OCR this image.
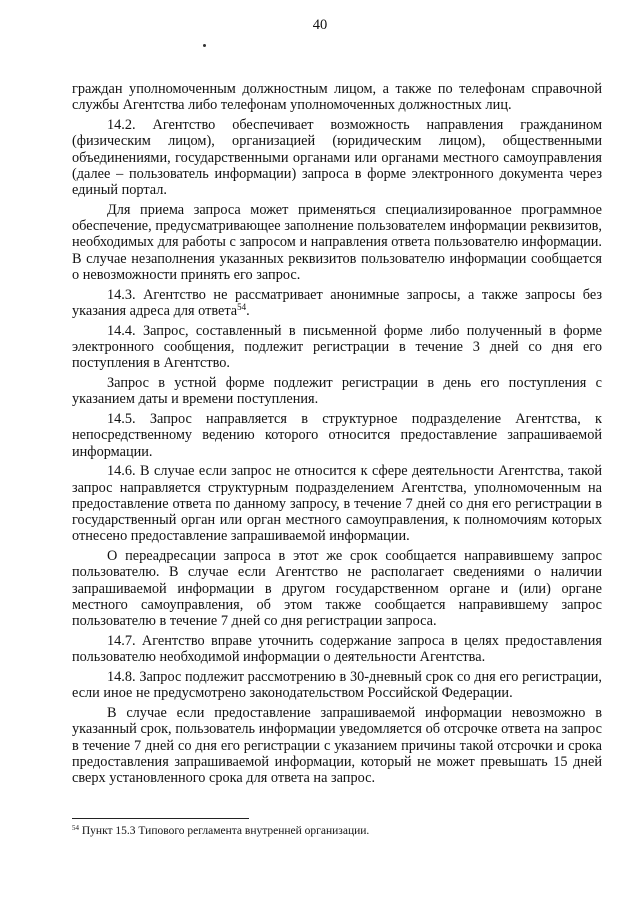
40

граждан уполномоченным должностным лицом, а также по телефонам справочной службы Агентства либо телефонам уполномоченных должностных лиц.

14.2. Агентство обеспечивает возможность направления гражданином (физическим лицом), организацией (юридическим лицом), общественными объединениями, государственными органами или органами местного самоуправления (далее – пользователь информации) запроса в форме электронного документа через единый портал.

Для приема запроса может применяться специализированное программное обеспечение, предусматривающее заполнение пользователем информации реквизитов, необходимых для работы с запросом и направления ответа пользователю информации. В случае незаполнения указанных реквизитов пользователю информации сообщается о невозможности принять его запрос.

14.3. Агентство не рассматривает анонимные запросы, а также запросы без указания адреса для ответа$^{54}$.

14.4. Запрос, составленный в письменной форме либо полученный в форме электронного сообщения, подлежит регистрации в течение 3 дней со дня его поступления в Агентство.

Запрос в устной форме подлежит регистрации в день его поступления с указанием даты и времени поступления.

14.5. Запрос направляется в структурное подразделение Агентства, к непосредственному ведению которого относится предоставление запрашиваемой информации.

14.6. В случае если запрос не относится к сфере деятельности Агентства, такой запрос направляется структурным подразделением Агентства, уполномоченным на предоставление ответа по данному запросу, в течение 7 дней со дня его регистрации в государственный орган или орган местного самоуправления, к полномочиям которых отнесено предоставление запрашиваемой информации.

О переадресации запроса в этот же срок сообщается направившему запрос пользователю. В случае если Агентство не располагает сведениями о наличии запрашиваемой информации в другом государственном органе и (или) органе местного самоуправления, об этом также сообщается направившему запрос пользователю в течение 7 дней со дня регистрации запроса.

14.7. Агентство вправе уточнить содержание запроса в целях предоставления пользователю необходимой информации о деятельности Агентства.

14.8. Запрос подлежит рассмотрению в 30-дневный срок со дня его регистрации, если иное не предусмотрено законодательством Российской Федерации.

В случае если предоставление запрашиваемой информации невозможно в указанный срок, пользователь информации уведомляется об отсрочке ответа на запрос в течение 7 дней со дня его регистрации с указанием причины такой отсрочки и срока предоставления запрашиваемой информации, который не может превышать 15 дней сверх установленного срока для ответа на запрос.

$^{54}$ Пункт 15.3 Типового регламента внутренней организации.
